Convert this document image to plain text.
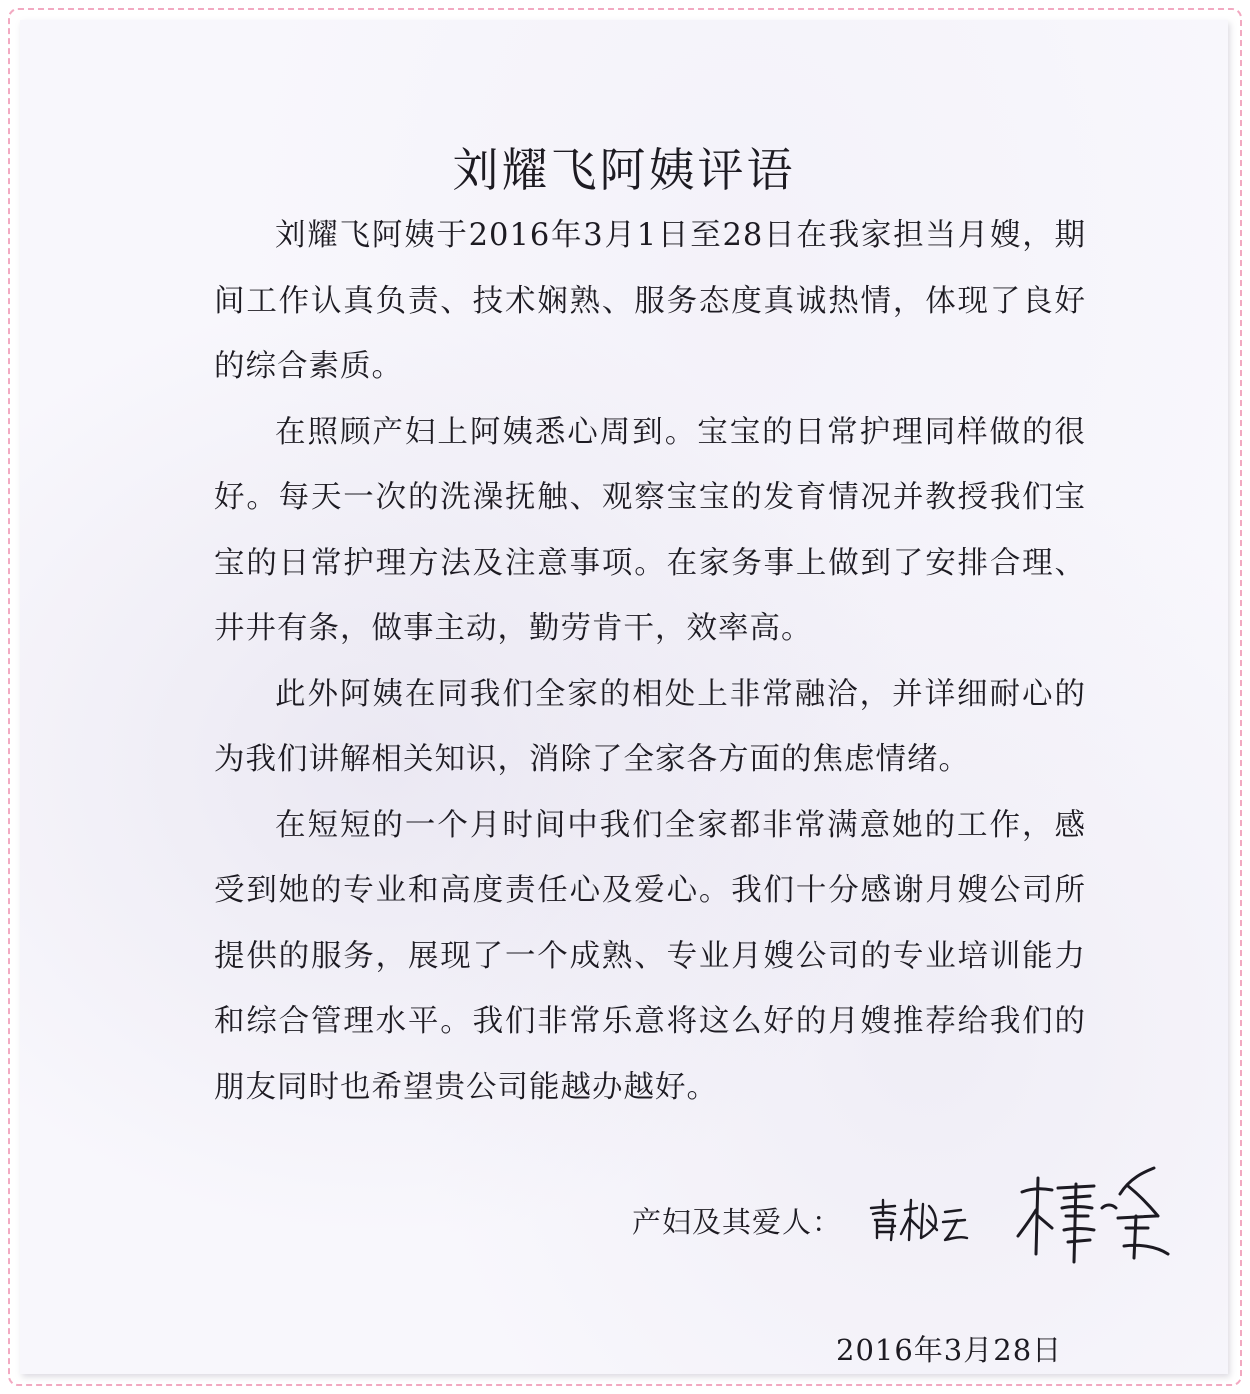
刘耀飞阿姨评语

刘耀飞阿姨于2016年3月1日至28日在我家担当月嫂，期间工作认真负责、技术娴熟、服务态度真诚热情，体现了良好的综合素质。

在照顾产妇上阿姨悉心周到。宝宝的日常护理同样做的很好。每天一次的洗澡抚触、观察宝宝的发育情况并教授我们宝宝的日常护理方法及注意事项。在家务事上做到了安排合理、井井有条，做事主动，勤劳肯干，效率高。

此外阿姨在同我们全家的相处上非常融洽，并详细耐心的为我们讲解相关知识，消除了全家各方面的焦虑情绪。

在短短的一个月时间中我们全家都非常满意她的工作，感受到她的专业和高度责任心及爱心。我们十分感谢月嫂公司所提供的服务，展现了一个成熟、专业月嫂公司的专业培训能力和综合管理水平。我们非常乐意将这么好的月嫂推荐给我们的朋友同时也希望贵公司能越办越好。

产妇及其爱人：
2016年3月28日
